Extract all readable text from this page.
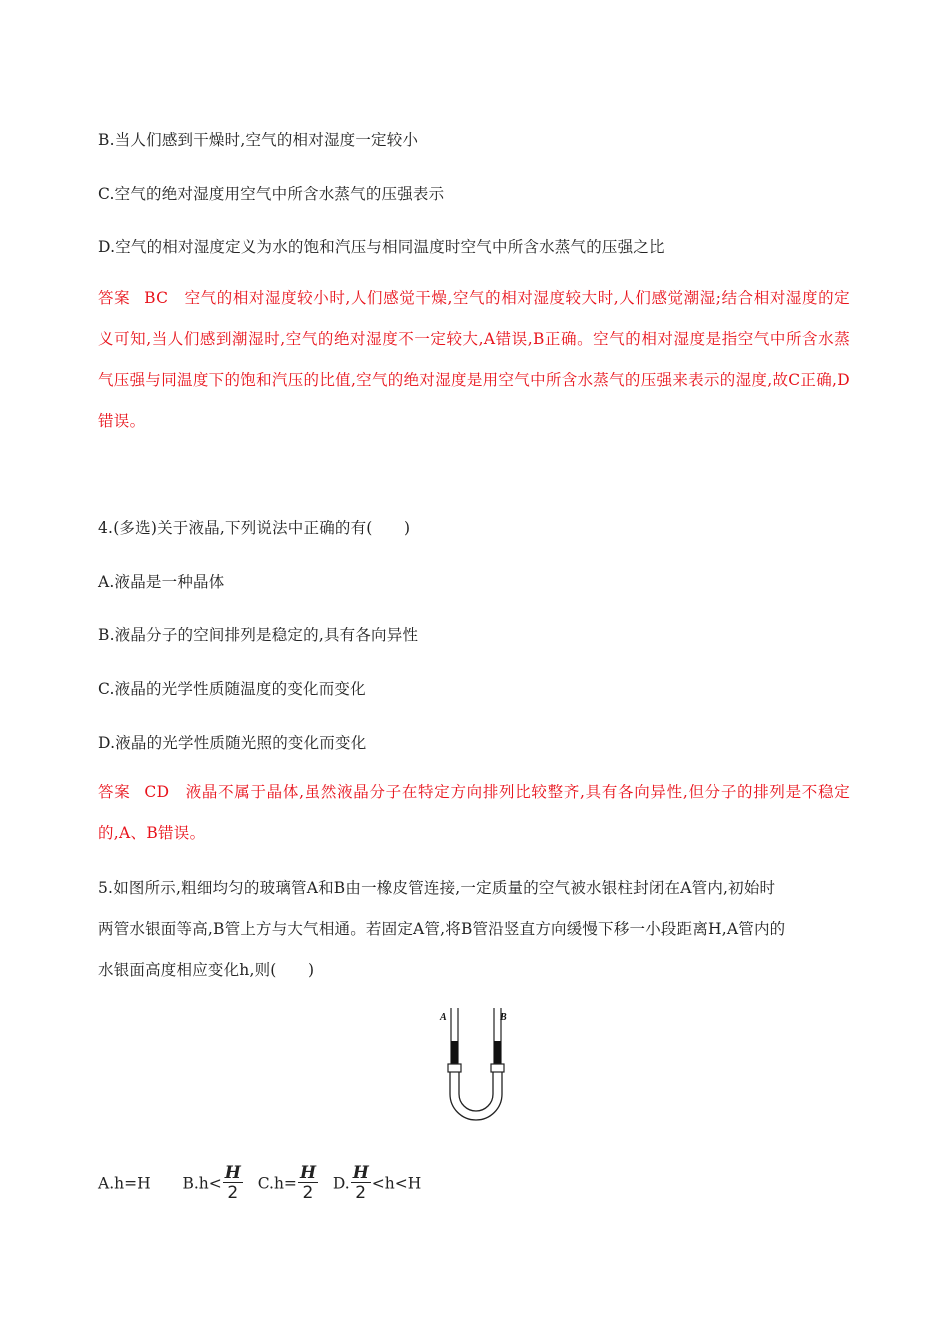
B.当人们感到干燥时,空气的相对湿度一定较小
C.空气的绝对湿度用空气中所含水蒸气的压强表示
D.空气的相对湿度定义为水的饱和汽压与相同温度时空气中所含水蒸气的压强之比
答案 BC 空气的相对湿度较小时,人们感觉干燥,空气的相对湿度较大时,人们感觉潮湿;结合相对湿度的定义可知,当人们感到潮湿时,空气的绝对湿度不一定较大,A错误,B正确。空气的相对湿度是指空气中所含水蒸气压强与同温度下的饱和汽压的比值,空气的绝对湿度是用空气中所含水蒸气的压强来表示的湿度,故C正确,D错误。
4.(多选)关于液晶,下列说法中正确的有(　　)
A.液晶是一种晶体
B.液晶分子的空间排列是稳定的,具有各向异性
C.液晶的光学性质随温度的变化而变化
D.液晶的光学性质随光照的变化而变化
答案 CD 液晶不属于晶体,虽然液晶分子在特定方向排列比较整齐,具有各向异性,但分子的排列是不稳定的,A、B错误。
5.如图所示,粗细均匀的玻璃管A和B由一橡皮管连接,一定质量的空气被水银柱封闭在A管内,初始时
两管水银面等高,B管上方与大气相通。若固定A管,将B管沿竖直方向缓慢下移一小段距离H,A管内的
水银面高度相应变化h,则(　　)
A	B
A.h=H $B.h< \frac{H}{2} C.h= \frac{H}{2} D$. $\frac{H}{2} <h<H$
